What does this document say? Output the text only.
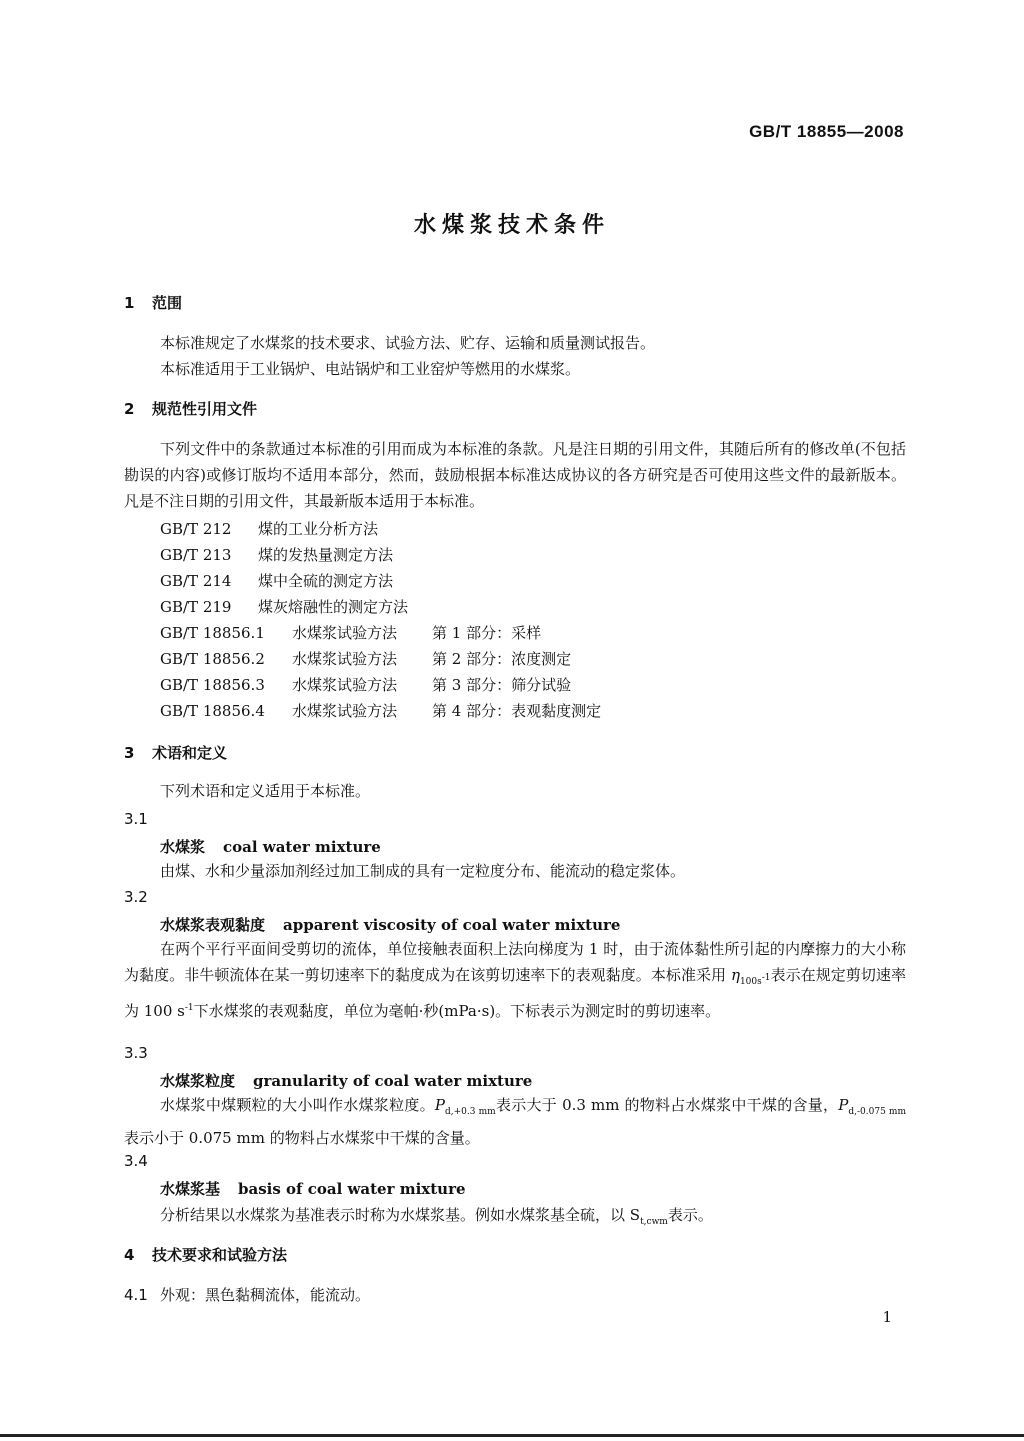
GB/T 18855—2008
水煤浆技术条件
1 范围
本标准规定了水煤浆的技术要求、试验方法、贮存、运输和质量测试报告。
本标准适用于工业锅炉、电站锅炉和工业窑炉等燃用的水煤浆。
2 规范性引用文件
下列文件中的条款通过本标准的引用而成为本标准的条款。凡是注日期的引用文件，其随后所有的修改单(不包括勘误的内容)或修订版均不适用本部分，然而，鼓励根据本标准达成协议的各方研究是否可使用这些文件的最新版本。凡是不注日期的引用文件，其最新版本适用于本标准。
GB/T 212 煤的工业分析方法
GB/T 213 煤的发热量测定方法
GB/T 214 煤中全硫的测定方法
GB/T 219 煤灰熔融性的测定方法
GB/T 18856.1 水煤浆试验方法 第 1 部分：采样
GB/T 18856.2 水煤浆试验方法 第 2 部分：浓度测定
GB/T 18856.3 水煤浆试验方法 第 3 部分：筛分试验
GB/T 18856.4 水煤浆试验方法 第 4 部分：表观黏度测定
3 术语和定义
下列术语和定义适用于本标准。
3.1
水煤浆 coal water mixture
由煤、水和少量添加剂经过加工制成的具有一定粒度分布、能流动的稳定浆体。
3.2
水煤浆表观黏度 apparent viscosity of coal water mixture
在两个平行平面间受剪切的流体，单位接触表面积上法向梯度为 1 时，由于流体黏性所引起的内摩擦力的大小称为黏度。非牛顿流体在某一剪切速率下的黏度成为在该剪切速率下的表观黏度。本标准采用 $\eta_{100s^{-1}}$表示在规定剪切速率为 100 $s^{-1}$下水煤浆的表观黏度，单位为毫帕·秒(mPa·s)。下标表示为测定时的剪切速率。
3.3
水煤浆粒度 granularity of coal water mixture
水煤浆中煤颗粒的大小叫作水煤浆粒度。$P_{d,+0.3 mm}$表示大于 0.3 mm 的物料占水煤浆中干煤的含量，$P_{d,-0.075 mm}$表示小于 0.075 mm 的物料占水煤浆中干煤的含量。
3.4
水煤浆基 basis of coal water mixture
分析结果以水煤浆为基准表示时称为水煤浆基。例如水煤浆基全硫，以 $S_{t,cwm}$表示。
4 技术要求和试验方法
4.1 外观：黑色黏稠流体，能流动。
1
